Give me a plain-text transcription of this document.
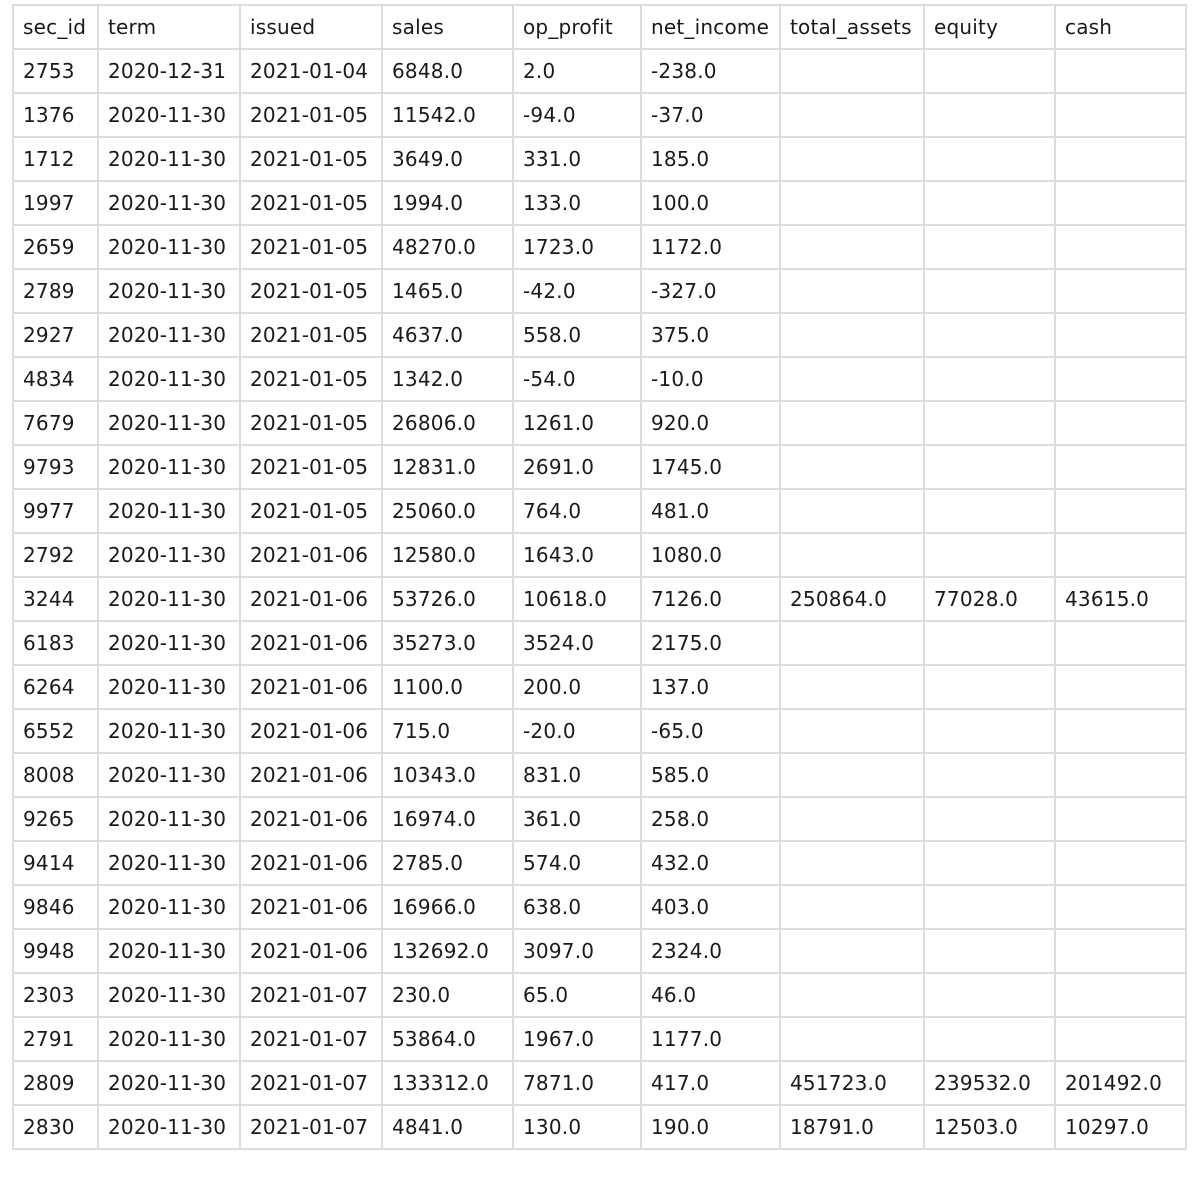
sec_id	term	issued	sales	op_profit	net_income	total_assets	equity	cash
2753	2020-12-31	2021-01-04	6848.0	2.0	-238.0			
1376	2020-11-30	2021-01-05	11542.0	-94.0	-37.0			
1712	2020-11-30	2021-01-05	3649.0	331.0	185.0			
1997	2020-11-30	2021-01-05	1994.0	133.0	100.0			
2659	2020-11-30	2021-01-05	48270.0	1723.0	1172.0			
2789	2020-11-30	2021-01-05	1465.0	-42.0	-327.0			
2927	2020-11-30	2021-01-05	4637.0	558.0	375.0			
4834	2020-11-30	2021-01-05	1342.0	-54.0	-10.0			
7679	2020-11-30	2021-01-05	26806.0	1261.0	920.0			
9793	2020-11-30	2021-01-05	12831.0	2691.0	1745.0			
9977	2020-11-30	2021-01-05	25060.0	764.0	481.0			
2792	2020-11-30	2021-01-06	12580.0	1643.0	1080.0			
3244	2020-11-30	2021-01-06	53726.0	10618.0	7126.0	250864.0	77028.0	43615.0
6183	2020-11-30	2021-01-06	35273.0	3524.0	2175.0			
6264	2020-11-30	2021-01-06	1100.0	200.0	137.0			
6552	2020-11-30	2021-01-06	715.0	-20.0	-65.0			
8008	2020-11-30	2021-01-06	10343.0	831.0	585.0			
9265	2020-11-30	2021-01-06	16974.0	361.0	258.0			
9414	2020-11-30	2021-01-06	2785.0	574.0	432.0			
9846	2020-11-30	2021-01-06	16966.0	638.0	403.0			
9948	2020-11-30	2021-01-06	132692.0	3097.0	2324.0			
2303	2020-11-30	2021-01-07	230.0	65.0	46.0			
2791	2020-11-30	2021-01-07	53864.0	1967.0	1177.0			
2809	2020-11-30	2021-01-07	133312.0	7871.0	417.0	451723.0	239532.0	201492.0
2830	2020-11-30	2021-01-07	4841.0	130.0	190.0	18791.0	12503.0	10297.0
